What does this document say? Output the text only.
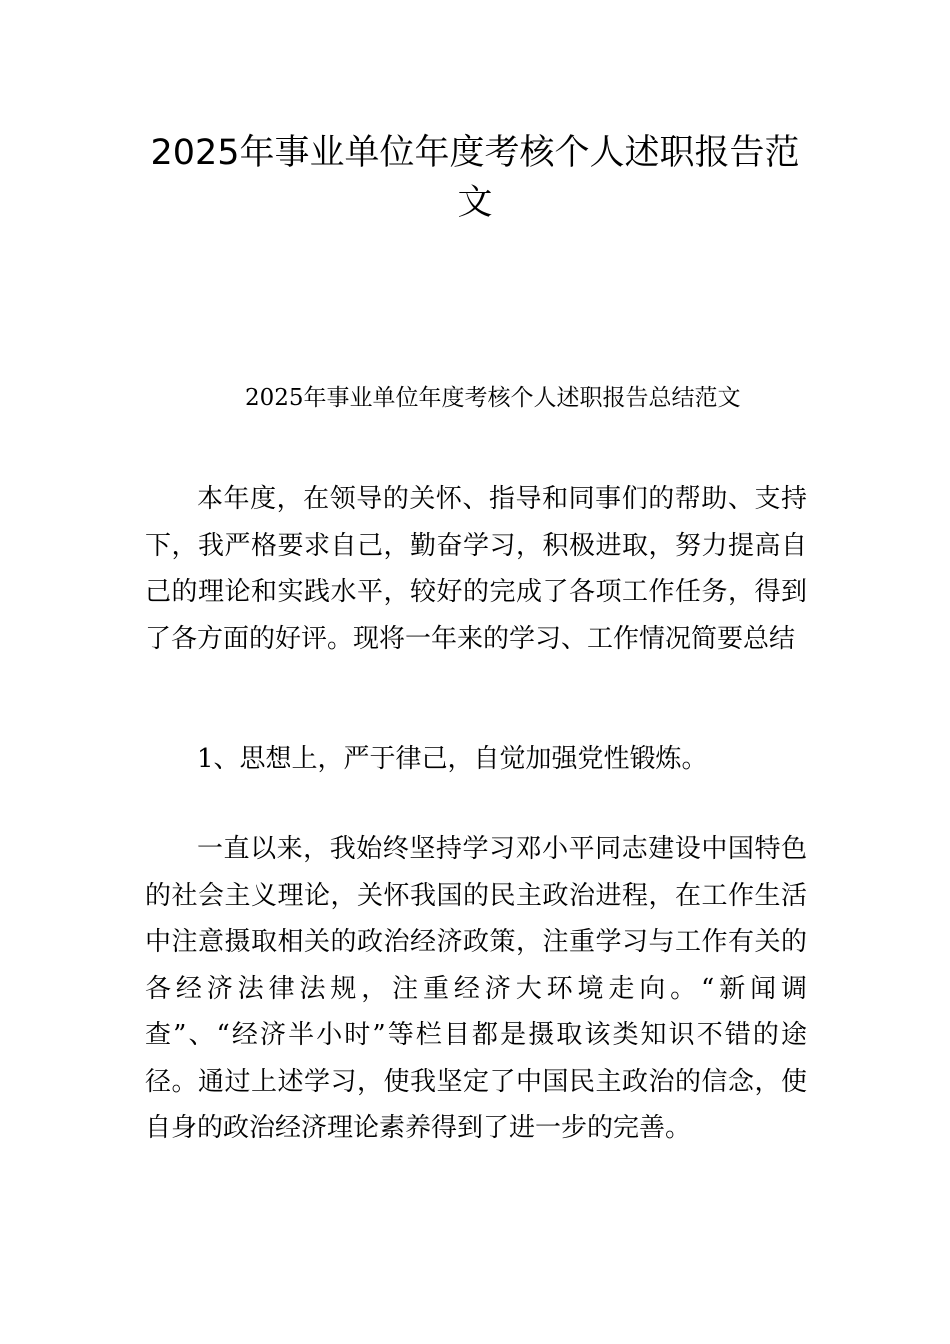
2025年事业单位年度考核个人述职报告范文

2025年事业单位年度考核个人述职报告总结范文

本年度，在领导的关怀、指导和同事们的帮助、支持下，我严格要求自己，勤奋学习，积极进取，努力提高自己的理论和实践水平，较好的完成了各项工作任务，得到了各方面的好评。现将一年来的学习、工作情况简要总结

1、思想上，严于律己，自觉加强党性锻炼。

一直以来，我始终坚持学习邓小平同志建设中国特色的社会主义理论，关怀我国的民主政治进程，在工作生活中注意摄取相关的政治经济政策，注重学习与工作有关的各经济法律法规，注重经济大环境走向。“新闻调查”、“经济半小时”等栏目都是摄取该类知识不错的途径。通过上述学习，使我坚定了中国民主政治的信念，使自身的政治经济理论素养得到了进一步的完善。
